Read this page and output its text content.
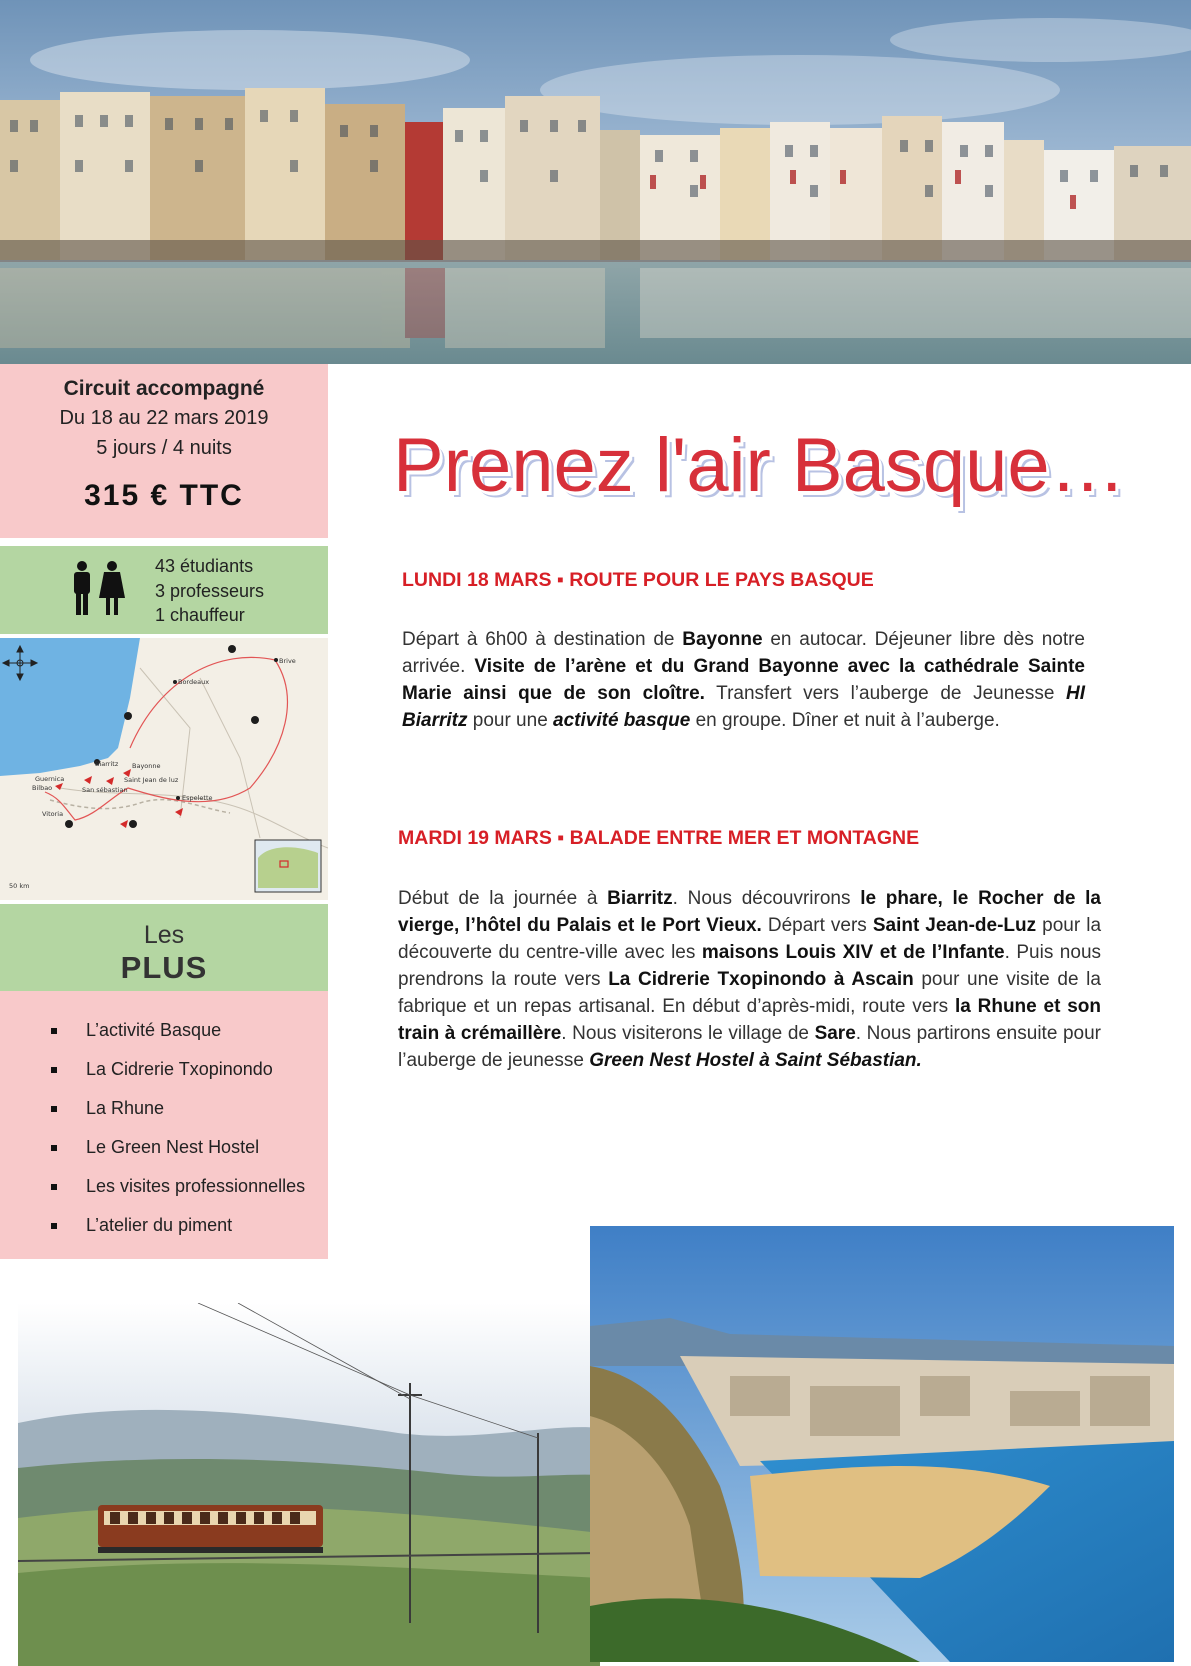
Circuit accompagné
Du 18 au 22 mars 2019
5 jours / 4 nuits
315 € TTC
43 étudiants
3 professeurs
1 chauffeur
Brive
Bordeaux
Biarritz Bayonne
Saint Jean de luz
San sébastian
Guernica
Bilbao
Vitoria
Espelette
50 km
Les
PLUS
L’activité Basque
La Cidrerie Txopinondo
La Rhune
Le Green Nest Hostel
Les visites professionnelles
L’atelier du piment
Prenez l'air Basque…
LUNDI 18 MARS ▪ ROUTE POUR LE PAYS BASQUE
Départ à 6h00 à destination de Bayonne en autocar. Déjeuner libre dès notre arrivée. Visite de l’arène et du Grand Bayonne avec la cathédrale Sainte Marie ainsi que de son cloître. Transfert vers l’auberge de Jeunesse HI Biarritz pour une activité basque en groupe. Dîner et nuit à l’auberge.
MARDI 19 MARS ▪ BALADE ENTRE MER ET MONTAGNE
Début de la journée à Biarritz. Nous découvrirons le phare, le Rocher de la vierge, l’hôtel du Palais et le Port Vieux. Départ vers Saint Jean-de-Luz pour la découverte du centre-ville avec les maisons Louis XIV et de l’Infante. Puis nous prendrons la route vers La Cidrerie Txopinondo à Ascain pour une visite de la fabrique et un repas artisanal. En début d’après-midi, route vers la Rhune et son train à crémaillère. Nous visiterons le village de Sare. Nous partirons ensuite pour l’auberge de jeunesse Green Nest Hostel à Saint Sébastian.
